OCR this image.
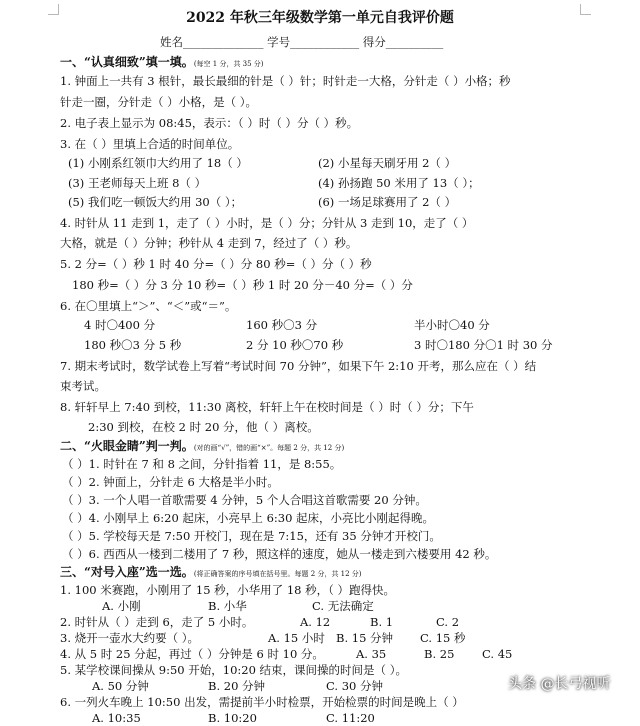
2022 年秋三年级数学第一单元自我评价题
姓名______________ 学号____________ 得分__________
一、“认真细致”填一填。(每空 1 分，共 35 分)
1. 钟面上一共有 3 根针，最长最细的针是（ ）针；时针走一大格，分针走（ ）小格；秒
针走一圈，分针走（ ）小格，是（ ）。
2. 电子表上显示为 08:45，表示：（ ）时（ ）分（ ）秒。
3. 在（ ）里填上合适的时间单位。
(1) 小刚系红领巾大约用了 18（ ）	(2) 小星每天刷牙用 2（ ）
(3) 王老师每天上班 8（ ）	(4) 孙扬跑 50 米用了 13（ ）；
(5) 我们吃一顿饭大约用 30（ ）；	(6) 一场足球赛用了 2（ ）
4. 时针从 11 走到 1，走了（ ）小时，是（ ）分；分针从 3 走到 10，走了（ ）
大格，就是（ ）分钟；秒针从 4 走到 7，经过了（ ）秒。
5. 2 分=（ ）秒 1 时 40 分=（ ）分 80 秒=（ ）分（ ）秒
180 秒=（ ）分 3 分 10 秒=（ ）秒 1 时 20 分－40 分=（ ）分
6. 在〇里填上“＞”、“＜”或“＝”。
4 时〇400 分	160 秒〇3 分	半小时〇40 分
180 秒〇3 分 5 秒	2 分 10 秒〇70 秒	3 时〇180 分〇1 时 30 分
7. 期末考试时，数学试卷上写着“考试时间 70 分钟”，如果下午 2:10 开考，那么应在（ ）结
束考试。
8. 轩轩早上 7:40 到校，11:30 离校，轩轩上午在校时间是（ ）时（ ）分；下午
2:30 到校，在校 2 时 20 分，他（ ）离校。
二、“火眼金睛”判一判。(对的画“√”，错的画“×”。每题 2 分，共 12 分)
（ ）1. 时针在 7 和 8 之间，分针指着 11，是 8:55。
（ ）2. 钟面上，分针走 6 大格是半小时。
（ ）3. 一个人唱一首歌需要 4 分钟，5 个人合唱这首歌需要 20 分钟。
（ ）4. 小刚早上 6:20 起床，小亮早上 6:30 起床，小亮比小刚起得晚。
（ ）5. 学校每天是 7:50 开校门，现在是 7:15，还有 35 分钟才开校门。
（ ）6. 西西从一楼到二楼用了 7 秒，照这样的速度，她从一楼走到六楼要用 42 秒。
三、“对号入座”选一选。(将正确答案的序号填在括号里。每题 2 分，共 12 分)
1. 100 米赛跑，小刚用了 15 秒，小华用了 18 秒，（ ）跑得快。
A. 小刚	B. 小华	C. 无法确定
2. 时针从（ ）走到 6，走了 5 小时。	A. 12	B. 1	C. 2
3. 烧开一壶水大约要（ ）。	A. 15 小时 B. 15 分钟 C. 15 秒
4. 从 5 时 25 分起，再过（ ）分钟是 6 时 10 分。	A. 35	B. 25 C. 45
5. 某学校课间操从 9:50 开始，10:20 结束，课间操的时间是（ ）。
A. 50 分钟	B. 20 分钟	C. 30 分钟
6. 一列火车晚上 10:50 出发，需提前半小时检票，开始检票的时间是晚上（ ）
A. 10:35	B. 10:20	C. 11:20
头条 @长弓视听
